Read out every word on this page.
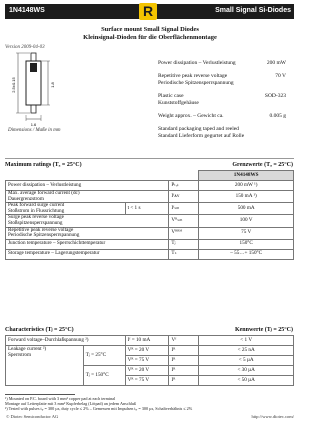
1N4148WS	Small Signal Si-Diodes
R
Surface mount Small Signal Diodes
Kleinsignal-Dioden für die Oberflächenmontage
Version 2009-04-03
2.5±0.15	1.8
1.6
Dimensions / Maße in mm
Power dissipation – Verlustleistung	200 mW
Repetitive peak reverse voltage
Periodische Spitzensperrspannung
70 V
Plastic case
Kunststoffgehäuse
SOD-323
Weight approx. – Gewicht ca.	0.005 g
Standard packaging taped and reeled
Standard Lieferform gegurtet auf Rolle
Maximum ratings (Tₐ = 25°C)	Grenzwerte (Tₐ = 25°C)
			1N4148WS
Power dissipation – Verlustleistung		Pₜₒₜ	200 mW ¹)

Max. average forward current (dc)
Dauergrenzstrom		Iᶠᴀᴠ	150 mA ¹)

Peak forward surge current
Stoßstrom in Flussrichtung	t < 1 s	Iᶠₛₘ	500 mA

Surge peak reverse voltage
Stoßspitzensperrspannung		Vᴿₛₘ	100 V

Repetitive peak reverse voltage
Periodische Spitzensperrspannung		Vᴿᴿᴹ	75 V
Junction temperature – Sperrschichttemperatur		Tⱼ	150°C
Storage temperature – Lagerungstemperatur		Tₛ	– 55…+ 150°C
Characteristics (Tⱼ = 25°C)	Kennwerte (Tⱼ = 25°C)
Forward voltage–Durchlaßspannung ²)		Iᶠ = 10 mA	Vᶠ	< 1 V

Leakage current ²)
Sperrstrom	Tⱼ = 25°C	Vᴿ = 20 V	Iᴿ	< 25 nA
		Vᴿ = 75 V	Iᴿ	< 5 µA
	Tⱼ = 150°C	Vᴿ = 20 V	Iᴿ	< 30 µA
		Vᴿ = 75 V	Iᴿ	< 50 µA
¹) Mounted on P.C. board with 3 mm² copper pad at each terminal
Montage auf Leiterplatte mit 3 mm² Kupferbelag (Lötpad) an jedem Anschluß
²) Tested with pulses tₚ = 300 µs, duty cycle ≤ 2% – Gemessen mit Impulsen tₚ = 300 µs, Schaltverhältnis ≤ 2%
© Diotec Semiconductor AG	http://www.diotec.com/
